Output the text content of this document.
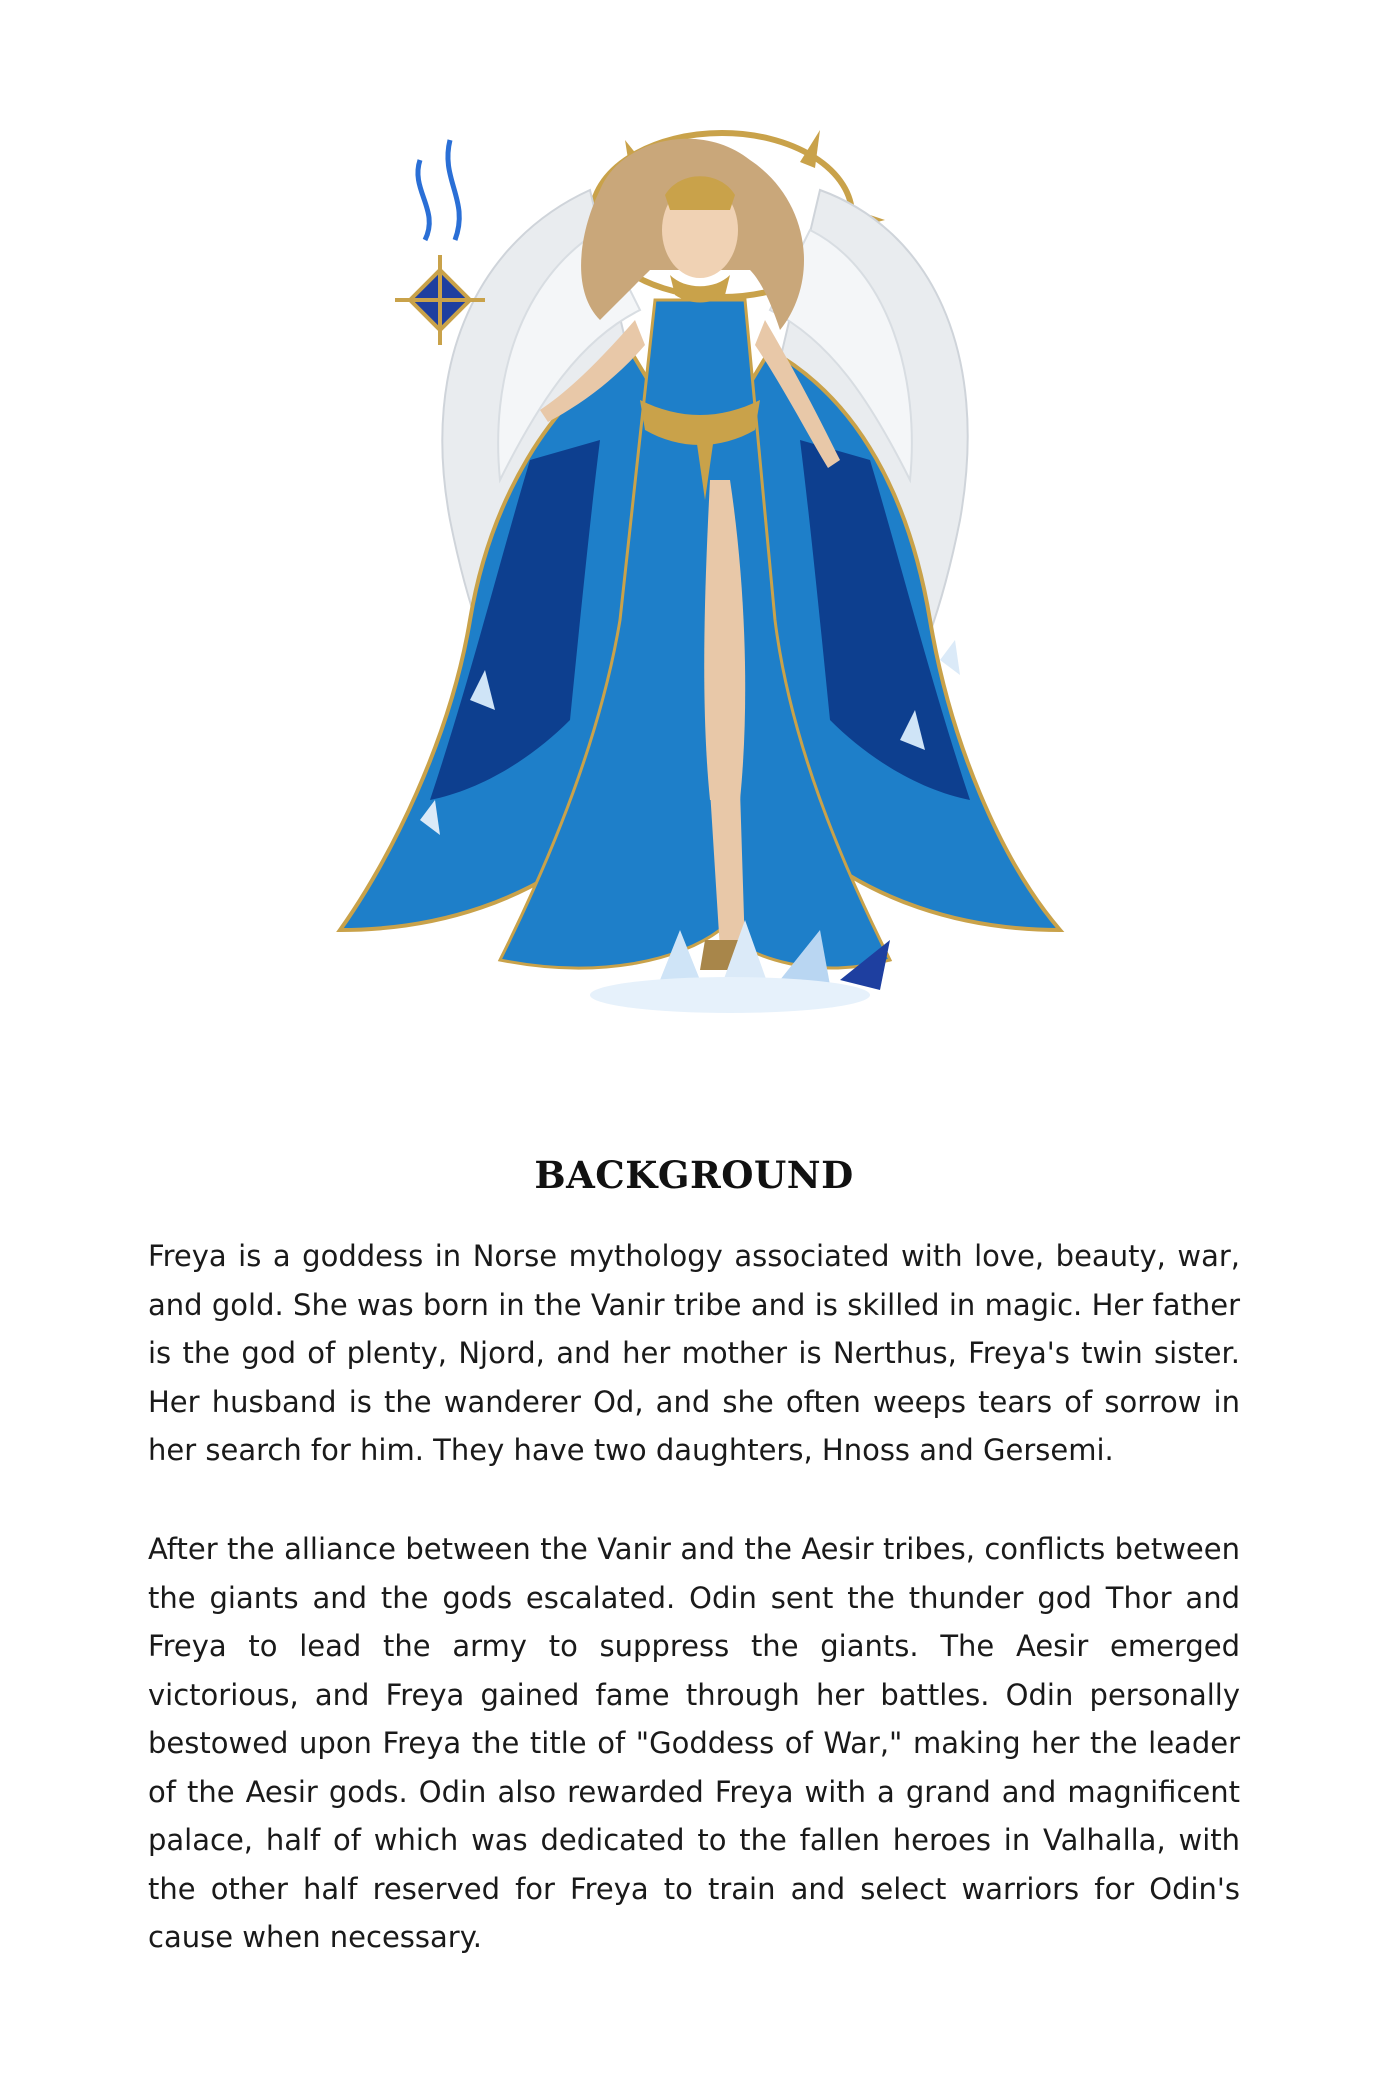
BACKGROUND

Freya is a goddess in Norse mythology associated with love, beauty, war, and gold. She was born in the Vanir tribe and is skilled in magic. Her father is the god of plenty, Njord, and her mother is Nerthus, Freya's twin sister. Her husband is the wanderer Od, and she often weeps tears of sorrow in her search for him. They have two daughters, Hnoss and Gersemi.

After the alliance between the Vanir and the Aesir tribes, conflicts between the giants and the gods escalated. Odin sent the thunder god Thor and Freya to lead the army to suppress the giants. The Aesir emerged victorious, and Freya gained fame through her battles. Odin personally bestowed upon Freya the title of "Goddess of War," making her the leader of the Aesir gods. Odin also rewarded Freya with a grand and magnificent palace, half of which was dedicated to the fallen heroes in Valhalla, with the other half reserved for Freya to train and select warriors for Odin's cause when necessary.
